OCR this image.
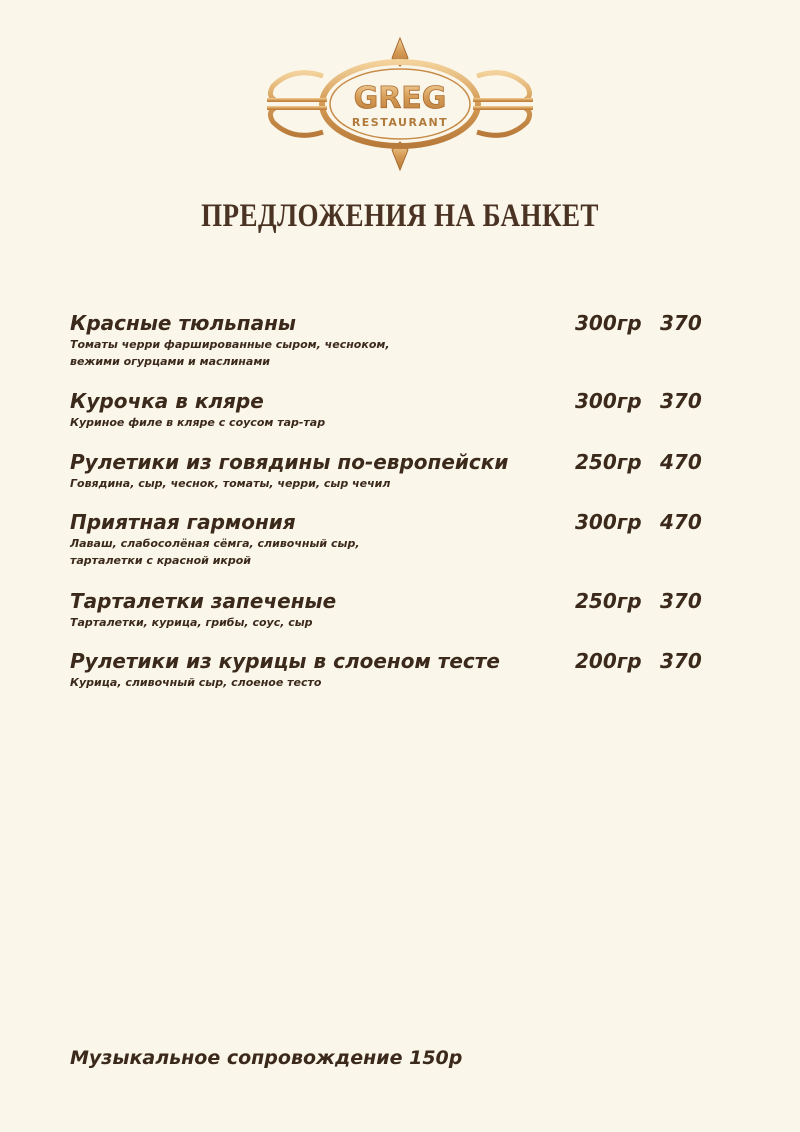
GREG
RESTAURANT
ПРЕДЛОЖЕНИЯ НА БАНКЕТ
Красные тюльпаны
Томаты черри фаршированные сыром, чесноком, вежими огурцами и маслинами
300гр 370
Курочка в кляре
Куриное филе в кляре с соусом тар-тар
300гр 370
Рулетики из говядины по-европейски
Говядина, сыр, чеснок, томаты, черри, сыр чечил
250гр 470
Приятная гармония
Лаваш, слабосолёная сёмга, сливочный сыр, тарталетки с красной икрой
300гр 470
Тарталетки запеченые
Тарталетки, курица, грибы, соус, сыр
250гр 370
Рулетики из курицы в слоеном тесте
Курица, сливочный сыр, слоеное тесто
200гр 370
Музыкальное сопровождение 150р
